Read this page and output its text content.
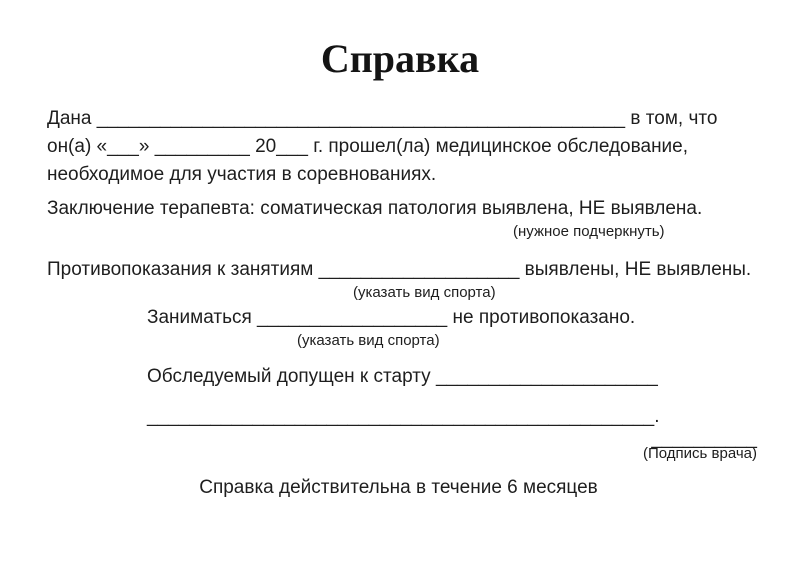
Справка
Дана __________________________________________________ в том, что
он(а) «___» _________ 20___ г. прошел(ла) медицинское обследование,
необходимое для участия в соревнованиях.
Заключение терапевта: соматическая патология выявлена, НЕ выявлена.
(нужное подчеркнуть)
Противопоказания к занятиям ___________________ выявлены, НЕ выявлены.
(указать вид спорта)
Заниматься __________________ не противопоказано.
(указать вид спорта)
Обследуемый допущен к старту _____________________
________________________________________________.
__________
(Подпись врача)
Справка действительна в течение 6 месяцев
